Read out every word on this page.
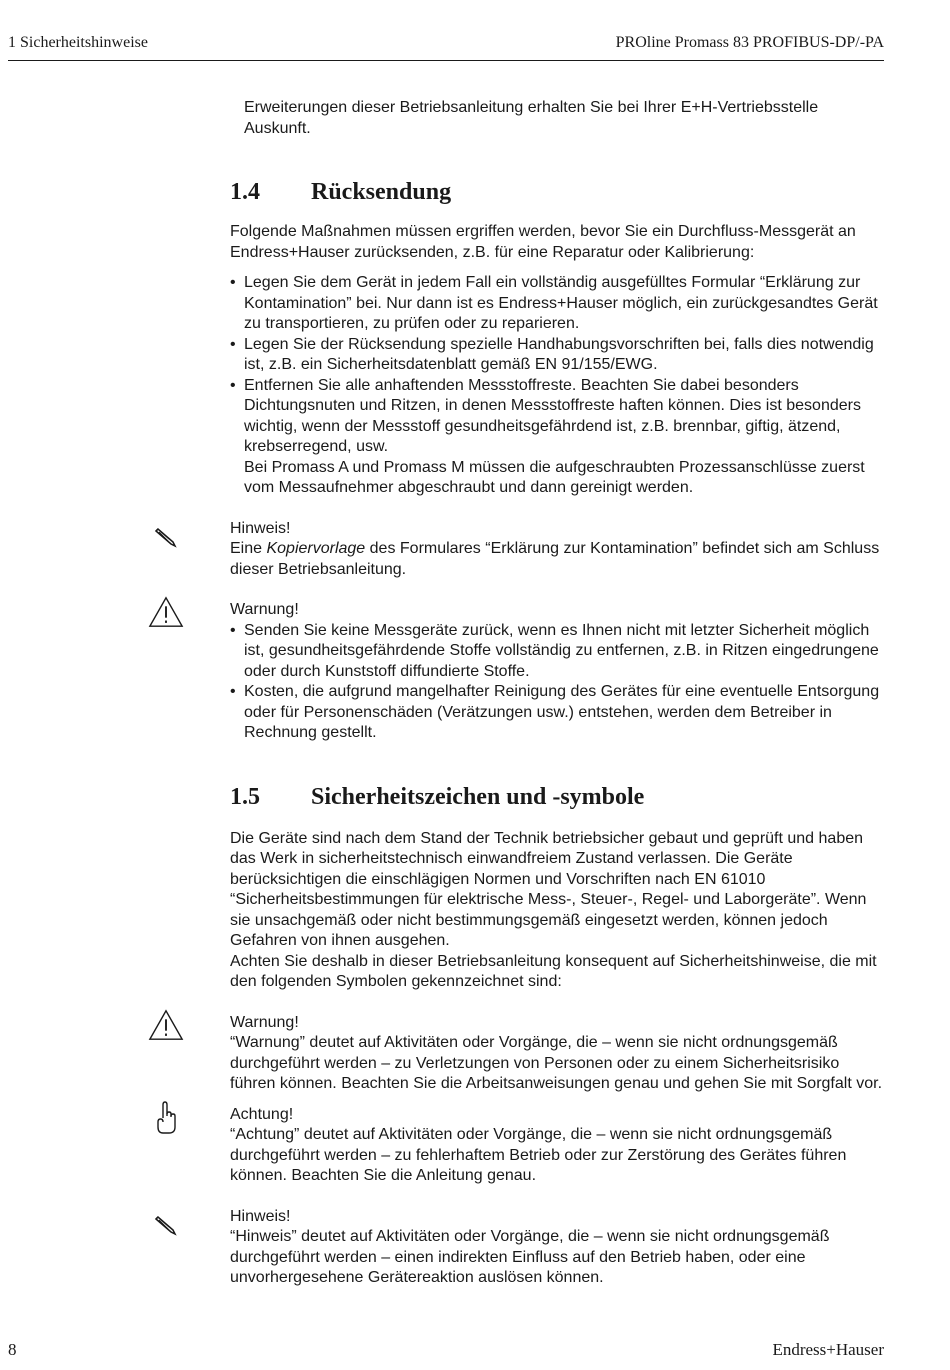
1 Sicherheitshinweise	PROline Promass 83 PROFIBUS-DP/-PA

Erweiterungen dieser Betriebsanleitung erhalten Sie bei Ihrer E+H-Vertriebsstelle Auskunft.

1.4 Rücksendung

Folgende Maßnahmen müssen ergriffen werden, bevor Sie ein Durchfluss-Messgerät an Endress+Hauser zurücksenden, z.B. für eine Reparatur oder Kalibrierung:

• Legen Sie dem Gerät in jedem Fall ein vollständig ausgefülltes Formular “Erklärung zur Kontamination” bei. Nur dann ist es Endress+Hauser möglich, ein zurückgesandtes Gerät zu transportieren, zu prüfen oder zu reparieren.
• Legen Sie der Rücksendung spezielle Handhabungsvorschriften bei, falls dies notwendig ist, z.B. ein Sicherheitsdatenblatt gemäß EN 91/155/EWG.
• Entfernen Sie alle anhaftenden Messstoffreste. Beachten Sie dabei besonders Dichtungsnuten und Ritzen, in denen Messstoffreste haften können. Dies ist besonders wichtig, wenn der Messstoff gesundheitsgefährdend ist, z.B. brennbar, giftig, ätzend, krebserregend, usw.
Bei Promass A und Promass M müssen die aufgeschraubten Prozessanschlüsse zuerst vom Messaufnehmer abgeschraubt und dann gereinigt werden.

Hinweis!

Eine Kopiervorlage des Formulares “Erklärung zur Kontamination” befindet sich am Schluss dieser Betriebsanleitung.

Warnung!

• Senden Sie keine Messgeräte zurück, wenn es Ihnen nicht mit letzter Sicherheit möglich ist, gesundheitsgefährdende Stoffe vollständig zu entfernen, z.B. in Ritzen eingedrungene oder durch Kunststoff diffundierte Stoffe.
• Kosten, die aufgrund mangelhafter Reinigung des Gerätes für eine eventuelle Entsorgung oder für Personenschäden (Verätzungen usw.) entstehen, werden dem Betreiber in Rechnung gestellt.
1.5 Sicherheitszeichen und -symbole

Die Geräte sind nach dem Stand der Technik betriebsicher gebaut und geprüft und haben das Werk in sicherheitstechnisch einwandfreiem Zustand verlassen. Die Geräte berücksichtigen die einschlägigen Normen und Vorschriften nach EN 61010 “Sicherheitsbestimmungen für elektrische Mess-, Steuer-, Regel- und Laborgeräte”. Wenn sie unsachgemäß oder nicht bestimmungsgemäß eingesetzt werden, können jedoch Gefahren von ihnen ausgehen.

Achten Sie deshalb in dieser Betriebsanleitung konsequent auf Sicherheitshinweise, die mit den folgenden Symbolen gekennzeichnet sind:

Warnung!

“Warnung” deutet auf Aktivitäten oder Vorgänge, die – wenn sie nicht ordnungsgemäß durchgeführt werden – zu Verletzungen von Personen oder zu einem Sicherheitsrisiko führen können. Beachten Sie die Arbeitsanweisungen genau und gehen Sie mit Sorgfalt vor.

Achtung!

“Achtung” deutet auf Aktivitäten oder Vorgänge, die – wenn sie nicht ordnungsgemäß durchgeführt werden – zu fehlerhaftem Betrieb oder zur Zerstörung des Gerätes führen können. Beachten Sie die Anleitung genau.

Hinweis!

“Hinweis” deutet auf Aktivitäten oder Vorgänge, die – wenn sie nicht ordnungsgemäß durchgeführt werden – einen indirekten Einfluss auf den Betrieb haben, oder eine unvorhergesehene Gerätereaktion auslösen können.

8	Endress+Hauser
